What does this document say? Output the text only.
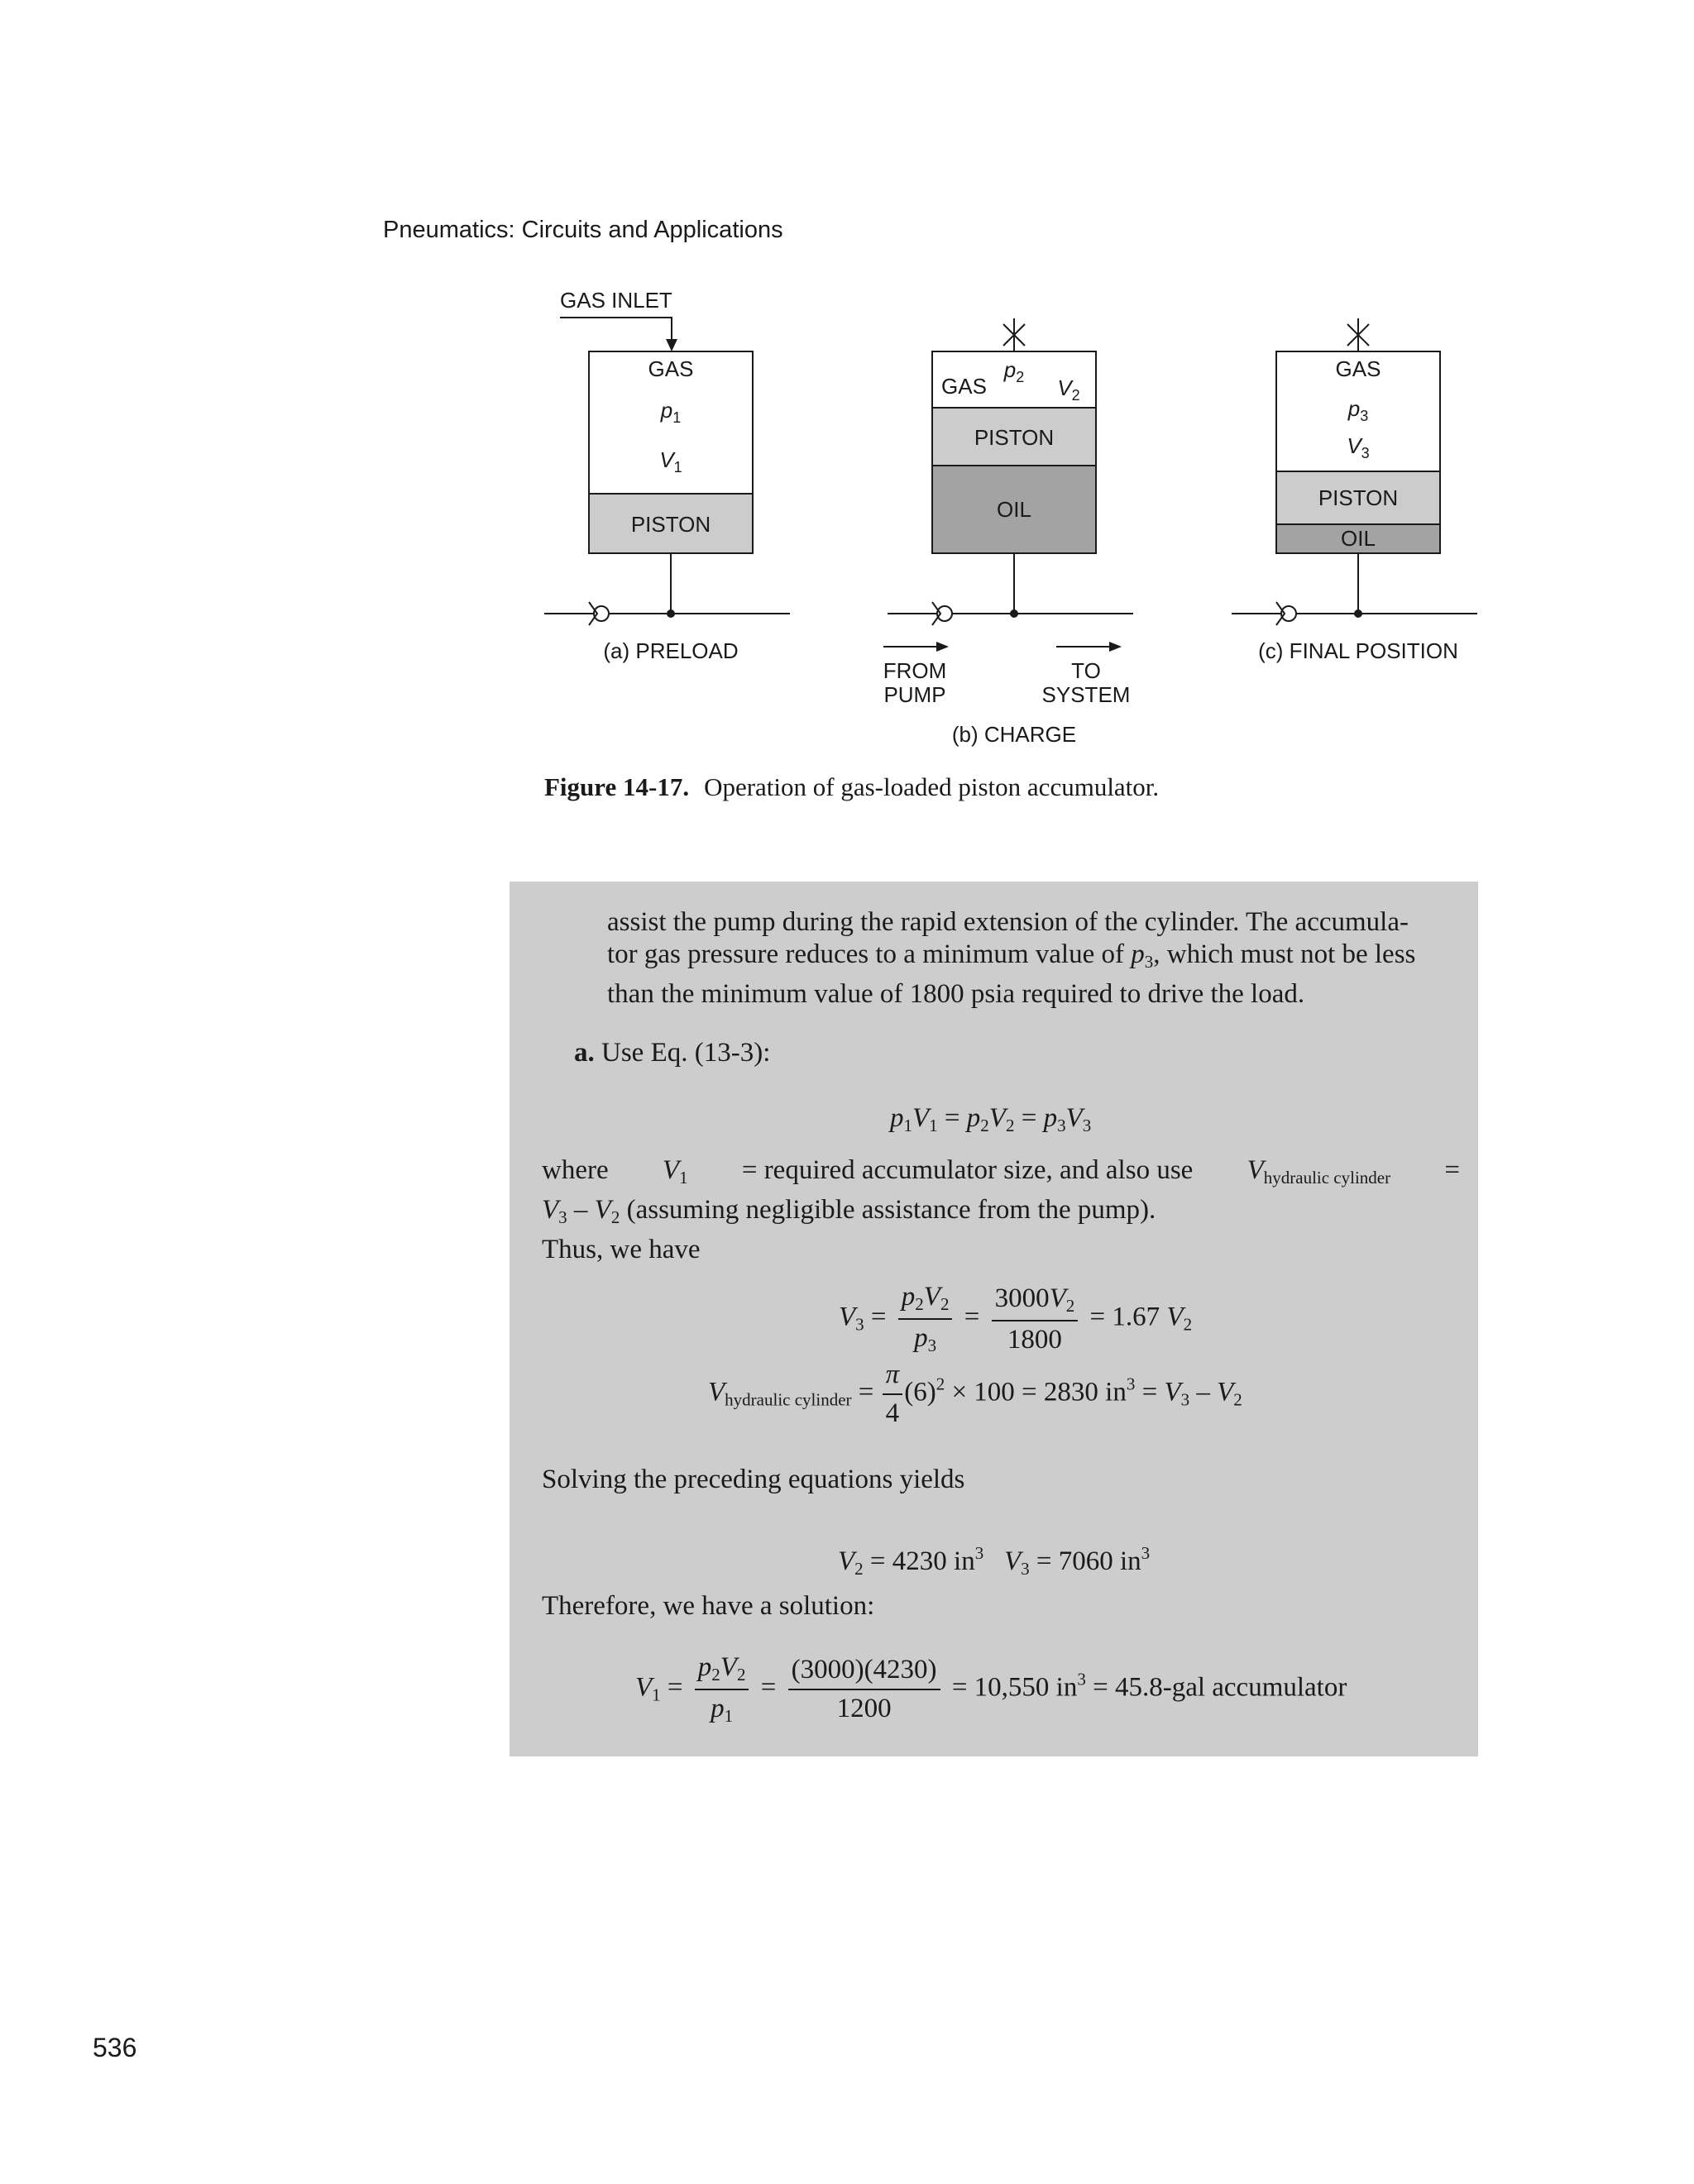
Pneumatics: Circuits and Applications
GAS INLET
GAS
$p_1$
$V_1$
PISTON
(a) PRELOAD
GAS
$p_2$ $V_2$
PISTON
OIL
FROM PUMP
TO SYSTEM
(b) CHARGE
GAS
$p_3$
$V_3$
PISTON
OIL
(c) FINAL POSITION
Figure 14-17. Operation of gas-loaded piston accumulator.
assist the pump during the rapid extension of the cylinder. The accumula-
tor gas pressure reduces to a minimum value of $p_3$, which must not be less
than the minimum value of 1800 psia required to drive the load.
a. Use Eq. (13-3):
$p_1V_1 = p_2V_2 = p_3V_3$
where $V_1$ = required accumulator size, and also use $V_{hydraulic cylinder}$ =
$V_3 - V_2$ (assuming negligible assistance from the pump).
Thus, we have
$V_3 = \frac{p_2V_2}{p_3} = \frac{3000V_2}{1800} = 1.67$ $V_2$
$V_{hydraulic cylinder} = \frac{\pi}{4} (6)^2 \times 100 = 2830$ $in^3 = V_3 - V_2$
Solving the preceding equations yields
$V_2 = 4230$ $in^3$ $V_3 = 7060$ $in^3$
Therefore, we have a solution:
$V_1 = \frac{p_2V_2}{p_1} = \frac{(3000)(4230)}{1200} = 10,550$ $in^3 = 45.8-gal$ accumulator
536
